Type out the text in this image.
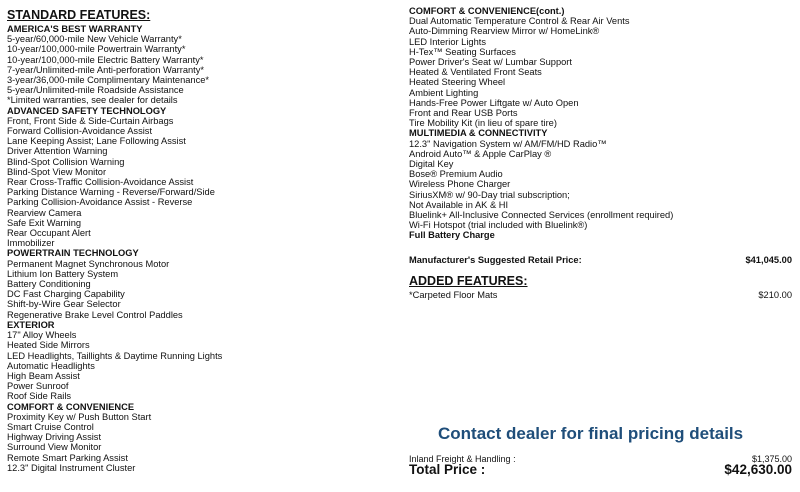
STANDARD FEATURES:
AMERICA'S BEST WARRANTY
5-year/60,000-mile New Vehicle Warranty*
10-year/100,000-mile Powertrain Warranty*
10-year/100,000-mile Electric Battery Warranty*
7-year/Unlimited-mile Anti-perforation Warranty*
3-year/36,000-mile Complimentary Maintenance*
5-year/Unlimited-mile Roadside Assistance
*Limited warranties, see dealer for details
ADVANCED SAFETY TECHNOLOGY
Front, Front Side & Side-Curtain Airbags
Forward Collision-Avoidance Assist
Lane Keeping Assist; Lane Following Assist
Driver Attention Warning
Blind-Spot Collision Warning
Blind-Spot View Monitor
Rear Cross-Traffic Collision-Avoidance Assist
Parking Distance Warning - Reverse/Forward/Side
Parking Collision-Avoidance Assist - Reverse
Rearview Camera
Safe Exit Warning
Rear Occupant Alert
Immobilizer
POWERTRAIN TECHNOLOGY
Permanent Magnet Synchronous Motor
Lithium Ion Battery System
Battery Conditioning
DC Fast Charging Capability
Shift-by-Wire Gear Selector
Regenerative Brake Level Control Paddles
EXTERIOR
17" Alloy Wheels
Heated Side Mirrors
LED Headlights, Taillights & Daytime Running Lights
Automatic Headlights
High Beam Assist
Power Sunroof
Roof Side Rails
COMFORT & CONVENIENCE
Proximity Key w/ Push Button Start
Smart Cruise Control
Highway Driving Assist
Surround View Monitor
Remote Smart Parking Assist
12.3" Digital Instrument Cluster
COMFORT & CONVENIENCE(cont.)
Dual Automatic Temperature Control & Rear Air Vents
Auto-Dimming Rearview Mirror w/ HomeLink®
LED Interior Lights
H-Tex™ Seating Surfaces
Power Driver's Seat w/ Lumbar Support
Heated & Ventilated Front Seats
Heated Steering Wheel
Ambient Lighting
Hands-Free Power Liftgate w/ Auto Open
Front and Rear USB Ports
Tire Mobility Kit (in lieu of spare tire)
MULTIMEDIA & CONNECTIVITY
12.3" Navigation System w/ AM/FM/HD Radio™
Android Auto™ & Apple CarPlay ®
Digital Key
Bose® Premium Audio
Wireless Phone Charger
SiriusXM® w/ 90-Day trial subscription;
Not Available in AK & HI
Bluelink+ All-Inclusive Connected Services (enrollment required)
Wi-Fi Hotspot (trial included with Bluelink®)
Full Battery Charge
Manufacturer's Suggested Retail Price:	$41,045.00
ADDED FEATURES:
*Carpeted Floor Mats	$210.00
Contact dealer for final pricing details
Inland Freight & Handling :	$1,375.00
Total Price :	$42,630.00
